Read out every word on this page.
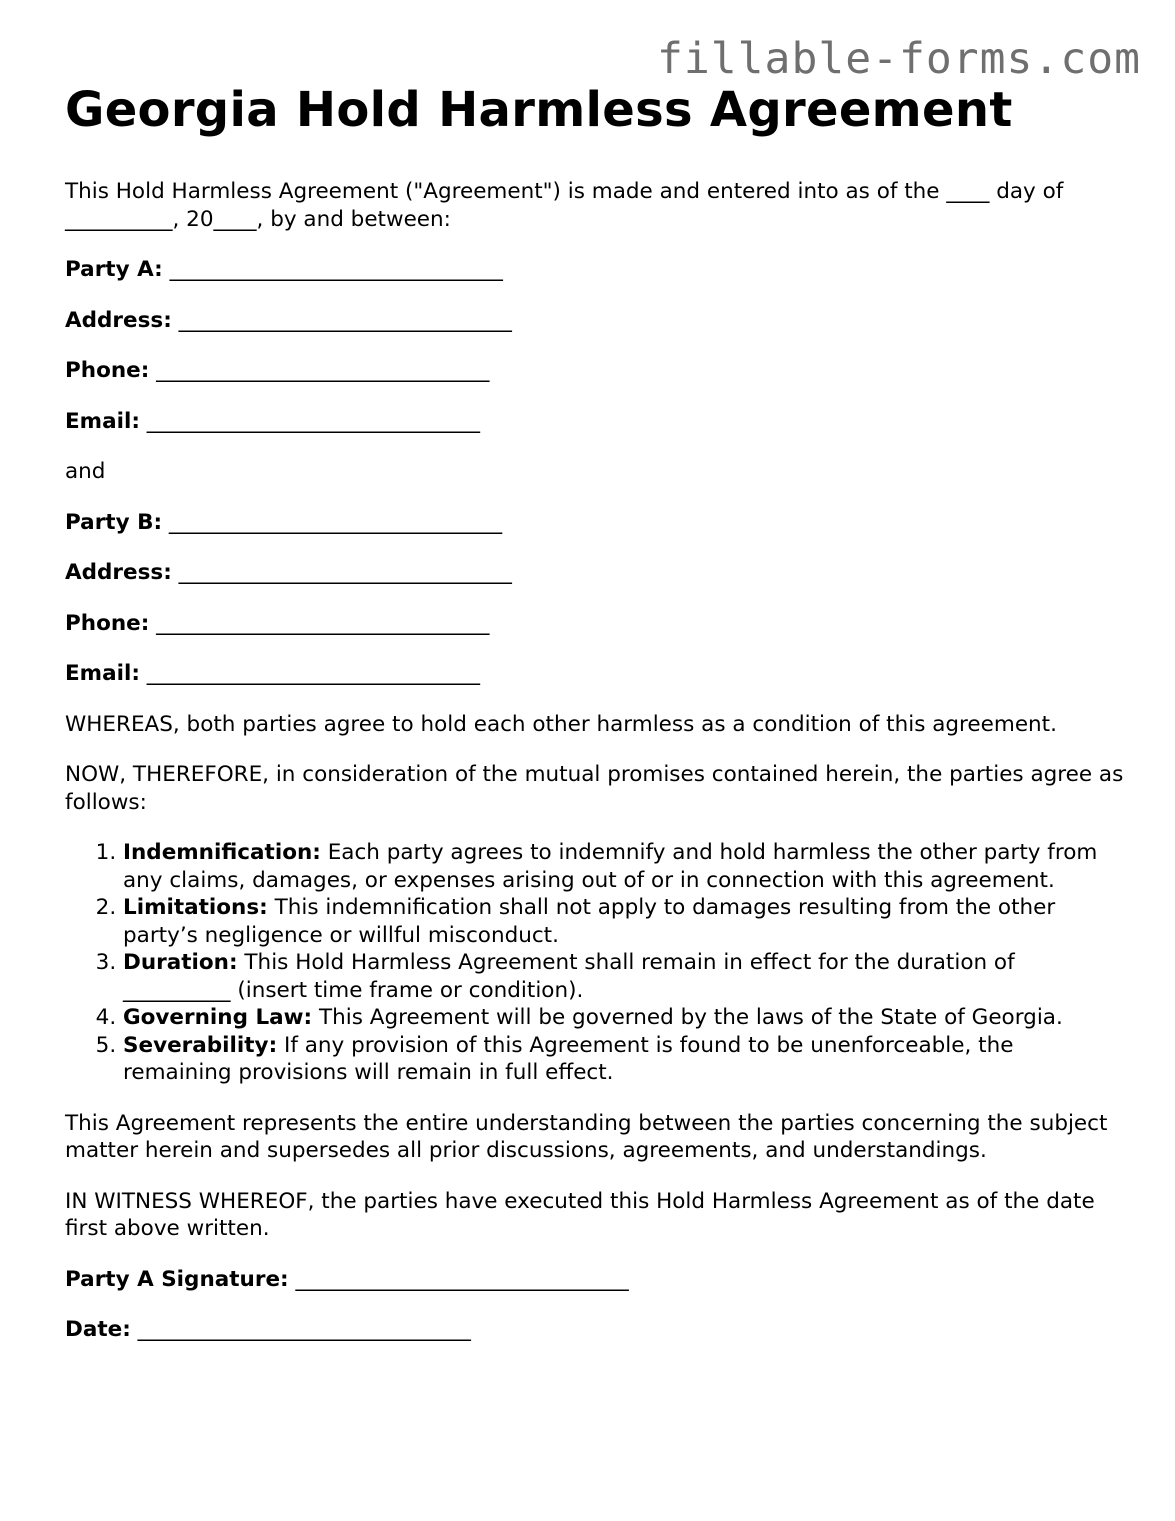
fillable-forms.com
Georgia Hold Harmless Agreement

This Hold Harmless Agreement ("Agreement") is made and entered into as of the ____ day of __________, 20____, by and between:

Party A: _______________________________
Address: _______________________________
Phone: _______________________________
Email: _______________________________

and

Party B: _______________________________
Address: _______________________________
Phone: _______________________________
Email: _______________________________

WHEREAS, both parties agree to hold each other harmless as a condition of this agreement.

NOW, THEREFORE, in consideration of the mutual promises contained herein, the parties agree as follows:

1. Indemnification: Each party agrees to indemnify and hold harmless the other party from any claims, damages, or expenses arising out of or in connection with this agreement.
2. Limitations: This indemnification shall not apply to damages resulting from the other party’s negligence or willful misconduct.
3. Duration: This Hold Harmless Agreement shall remain in effect for the duration of __________ (insert time frame or condition).
4. Governing Law: This Agreement will be governed by the laws of the State of Georgia.
5. Severability: If any provision of this Agreement is found to be unenforceable, the remaining provisions will remain in full effect.

This Agreement represents the entire understanding between the parties concerning the subject matter herein and supersedes all prior discussions, agreements, and understandings.

IN WITNESS WHEREOF, the parties have executed this Hold Harmless Agreement as of the date first above written.

Party A Signature: _______________________________
Date: _______________________________
